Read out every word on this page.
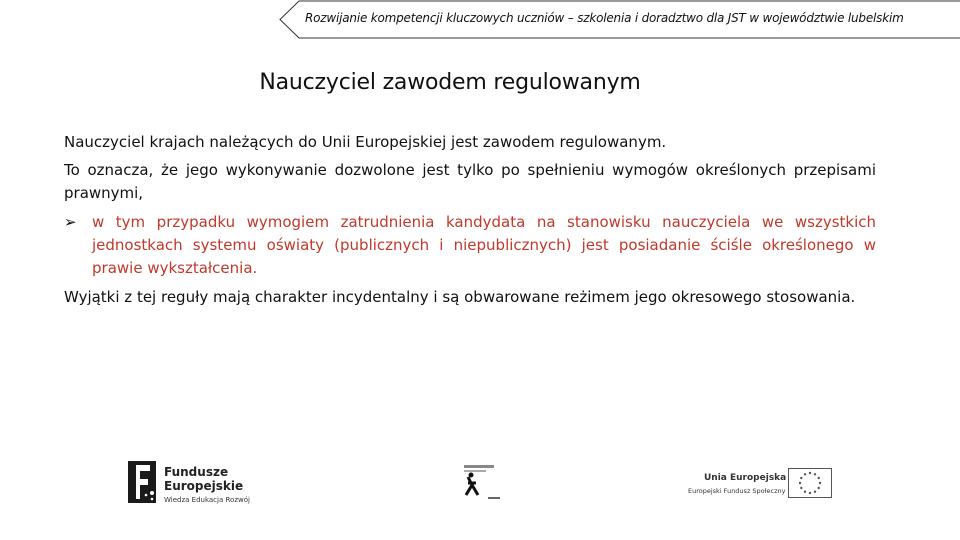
Rozwijanie kompetencji kluczowych uczniów – szkolenia i doradztwo dla JST w województwie lubelskim
Nauczyciel zawodem regulowanym

Nauczyciel krajach należących do Unii Europejskiej jest zawodem regulowanym.

To oznacza, że jego wykonywanie dozwolone jest tylko po spełnieniu wymogów określonych przepisami prawnymi,

➢	w tym przypadku wymogiem zatrudnienia kandydata na stanowisku nauczyciela we wszystkich jednostkach systemu oświaty (publicznych i niepublicznych) jest posiadanie ściśle określonego w prawie wykształcenia.

Wyjątki z tej reguły mają charakter incydentalny i są obwarowane reżimem jego okresowego stosowania.

Fundusze
Europejskie
Wiedza Edukacja Rozwój
Unia Europejska
Europejski Fundusz Społeczny
